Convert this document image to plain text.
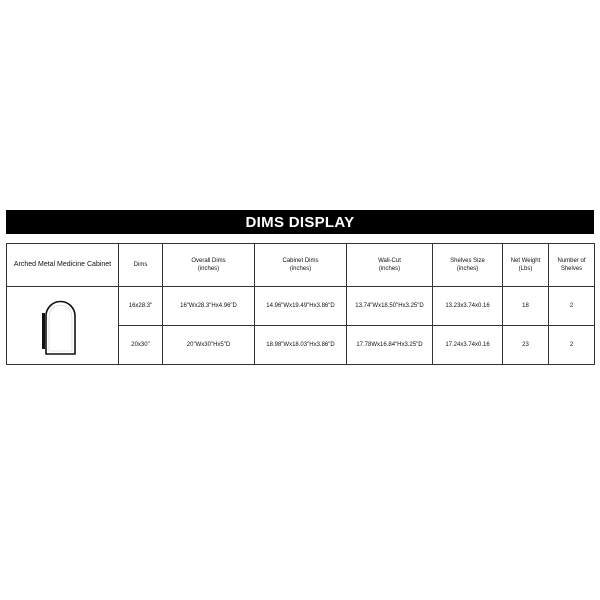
DIMS DISPLAY
Arched Metal Medicine Cabinet	Dims	Overall Dims
(inches)	Cabinet Dims
(inches)	Wall-Cut
(inches)	Shelves Size
(inches)	Net Weight
(Lbs)	Number of
Shelves

	16x28.3"	16"Wx28.3"Hx4.96"D	14.96"Wx19.49"Hx3.86"D	13.74"Wx18.50"Hx3.25"D	13.23x3.74x0.16	18	2
	20x30"	20"Wx30"Hx5"D	18.98"Wx18.03"Hx3.86"D	17.78Wx16.84"Hx3.25"D	17.24x3.74x0.16	23	2
